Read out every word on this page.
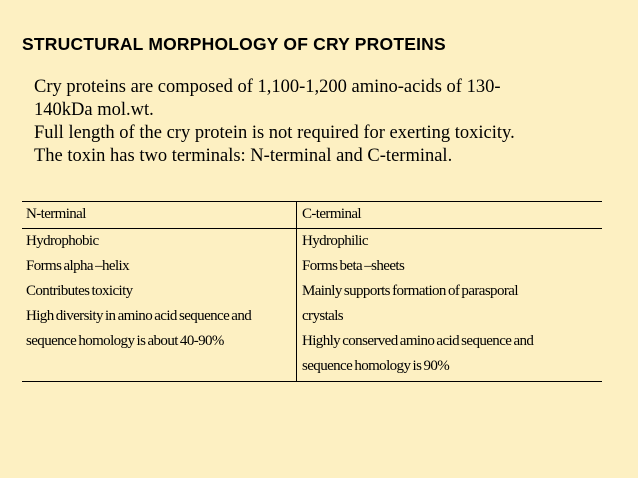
STRUCTURAL MORPHOLOGY OF CRY PROTEINS

Cry proteins are composed of 1,100-1,200 amino-acids of 130-

140kDa mol.wt.

Full length of the cry protein is not required for exerting toxicity.

The toxin has two terminals: N-terminal and C-terminal.

N-terminal	C-terminal
Hydrophobic
Forms alpha –helix
Contributes toxicity
High diversity in amino acid sequence and
sequence homology is about 40-90%
Hydrophilic
Forms beta –sheets
Mainly supports formation of parasporal
crystals
Highly conserved amino acid sequence and
sequence homology is 90%
